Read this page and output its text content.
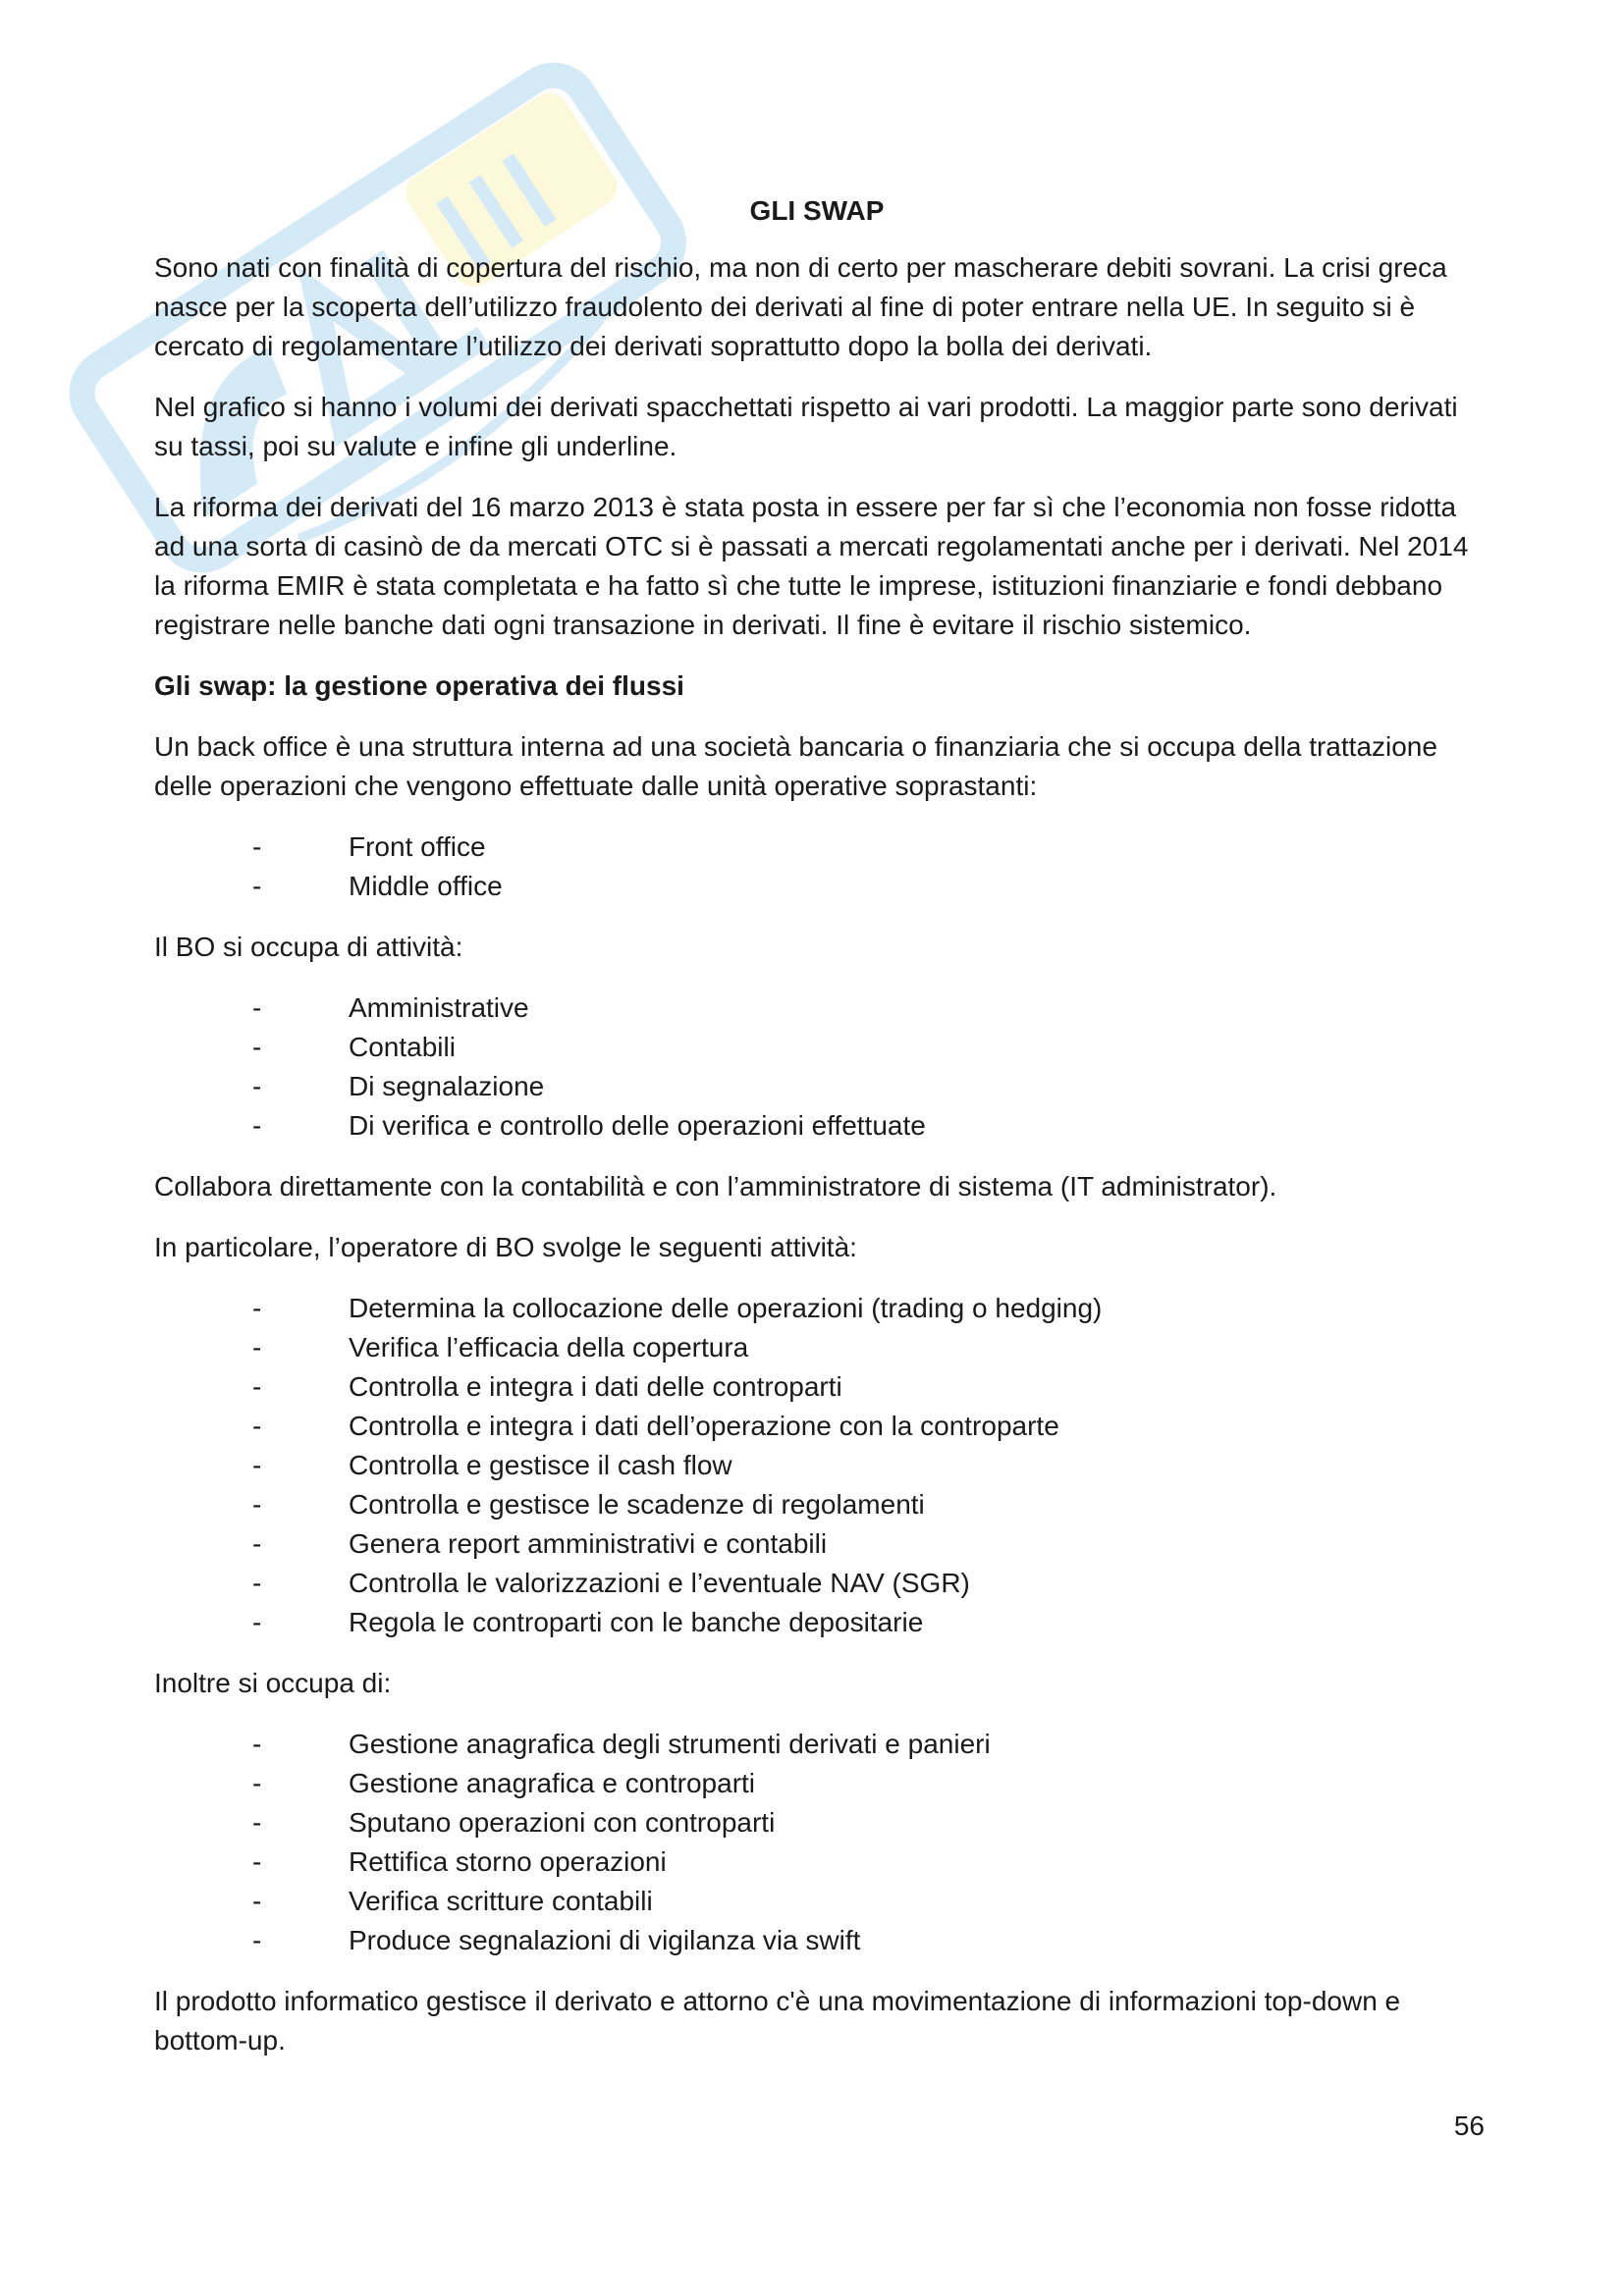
GLI SWAP

Sono nati con finalità di copertura del rischio, ma non di certo per mascherare debiti sovrani. La crisi greca nasce per la scoperta dell’utilizzo fraudolento dei derivati al fine di poter entrare nella UE. In seguito si è cercato di regolamentare l’utilizzo dei derivati soprattutto dopo la bolla dei derivati.

Nel grafico si hanno i volumi dei derivati spacchettati rispetto ai vari prodotti. La maggior parte sono derivati su tassi, poi su valute e infine gli underline.

La riforma dei derivati del 16 marzo 2013 è stata posta in essere per far sì che l’economia non fosse ridotta ad una sorta di casinò de da mercati OTC si è passati a mercati regolamentati anche per i derivati. Nel 2014 la riforma EMIR è stata completata e ha fatto sì che tutte le imprese, istituzioni finanziarie e fondi debbano registrare nelle banche dati ogni transazione in derivati. Il fine è evitare il rischio sistemico.

Gli swap: la gestione operativa dei flussi

Un back office è una struttura interna ad una società bancaria o finanziaria che si occupa della trattazione delle operazioni che vengono effettuate dalle unità operative soprastanti:

-	Front office
-	Middle office

Il BO si occupa di attività:

-	Amministrative
-	Contabili
-	Di segnalazione
-	Di verifica e controllo delle operazioni effettuate

Collabora direttamente con la contabilità e con l’amministratore di sistema (IT administrator).

In particolare, l’operatore di BO svolge le seguenti attività:

-	Determina la collocazione delle operazioni (trading o hedging)
-	Verifica l’efficacia della copertura
-	Controlla e integra i dati delle controparti
-	Controlla e integra i dati dell’operazione con la controparte
-	Controlla e gestisce il cash flow
-	Controlla e gestisce le scadenze di regolamenti
-	Genera report amministrativi e contabili
-	Controlla le valorizzazioni e l’eventuale NAV (SGR)
-	Regola le controparti con le banche depositarie

Inoltre si occupa di:

-	Gestione anagrafica degli strumenti derivati e panieri
-	Gestione anagrafica e controparti
-	Sputano operazioni con controparti
-	Rettifica storno operazioni
-	Verifica scritture contabili
-	Produce segnalazioni di vigilanza via swift

Il prodotto informatico gestisce il derivato e attorno c'è una movimentazione di informazioni top-down e bottom-up.

56
